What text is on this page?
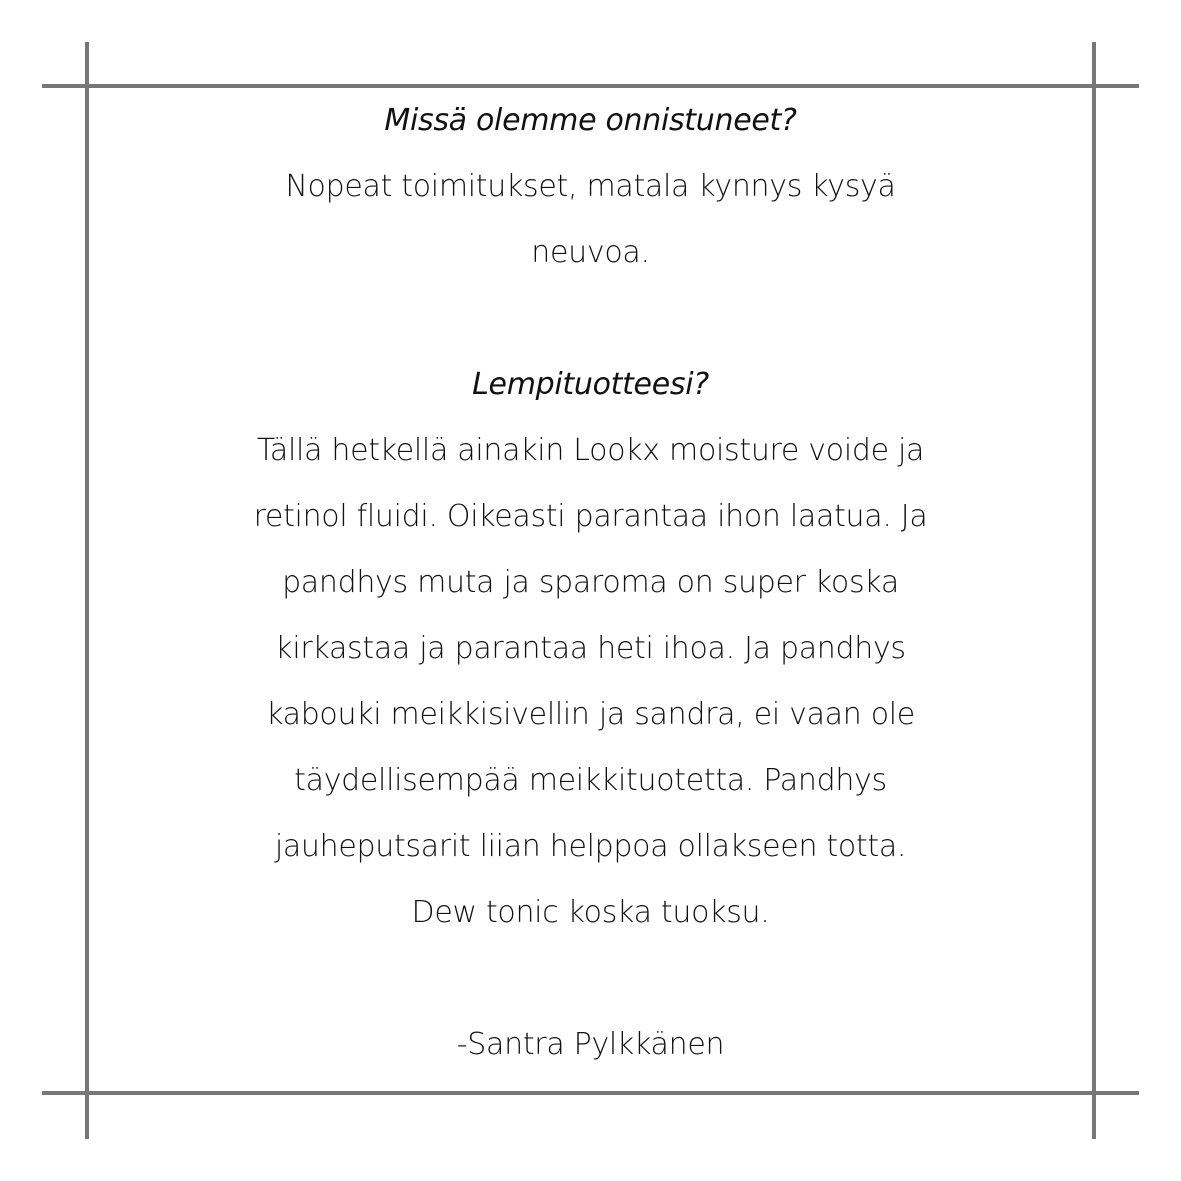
Missä olemme onnistuneet?
Nopeat toimitukset, matala kynnys kysyä
neuvoa.
Lempituotteesi?
Tällä hetkellä ainakin Lookx moisture voide ja
retinol fluidi. Oikeasti parantaa ihon laatua. Ja
pandhys muta ja sparoma on super koska
kirkastaa ja parantaa heti ihoa. Ja pandhys
kabouki meikkisivellin ja sandra, ei vaan ole
täydellisempää meikkituotetta. Pandhys
jauheputsarit liian helppoa ollakseen totta.
Dew tonic koska tuoksu.
-Santra Pylkkänen
